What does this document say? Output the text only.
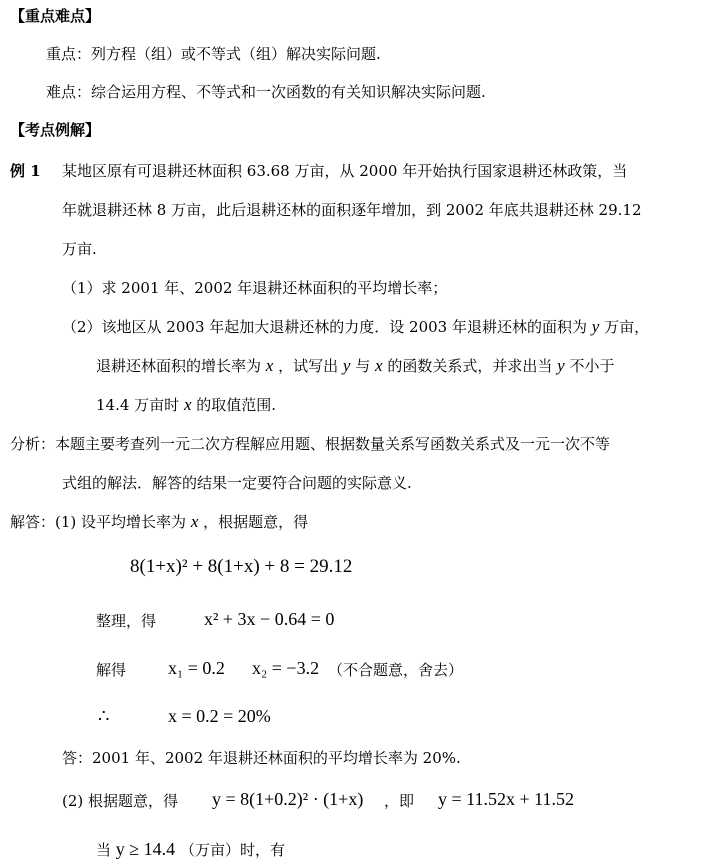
【重点难点】
重点：列方程（组）或不等式（组）解决实际问题.
难点：综合运用方程、不等式和一次函数的有关知识解决实际问题.
【考点例解】
例 1 某地区原有可退耕还林面积 63.68 万亩，从 2000 年开始执行国家退耕还林政策，当
年就退耕还林 8 万亩，此后退耕还林的面积逐年增加，到 2002 年底共退耕还林 29.12
万亩.
（1）求 2001 年、2002 年退耕还林面积的平均增长率；
（2）该地区从 2003 年起加大退耕还林的力度．设 2003 年退耕还林的面积为 y 万亩，
退耕还林面积的增长率为 x ，试写出 y 与 x 的函数关系式，并求出当 y 不小于
14.4 万亩时 x 的取值范围.
分析：本题主要考查列一元二次方程解应用题、根据数量关系写函数关系式及一元一次不等
式组的解法．解答的结果一定要符合问题的实际意义.
解答：(1) 设平均增长率为 x ，根据题意，得
8(1+x)² + 8(1+x) + 8 = 29.12
整理，得	x² + 3x − 0.64 = 0
解得 x₁ = 0.2 x₂ = −3.2 （不合题意，舍去）
∴	x = 0.2 = 20%
答：2001 年、2002 年退耕还林面积的平均增长率为 20%.
(2) 根据题意，得 y = 8(1+0.2)² · (1+x) ，即 y = 11.52x + 11.52
当 y ≥ 14.4 （万亩）时，有
